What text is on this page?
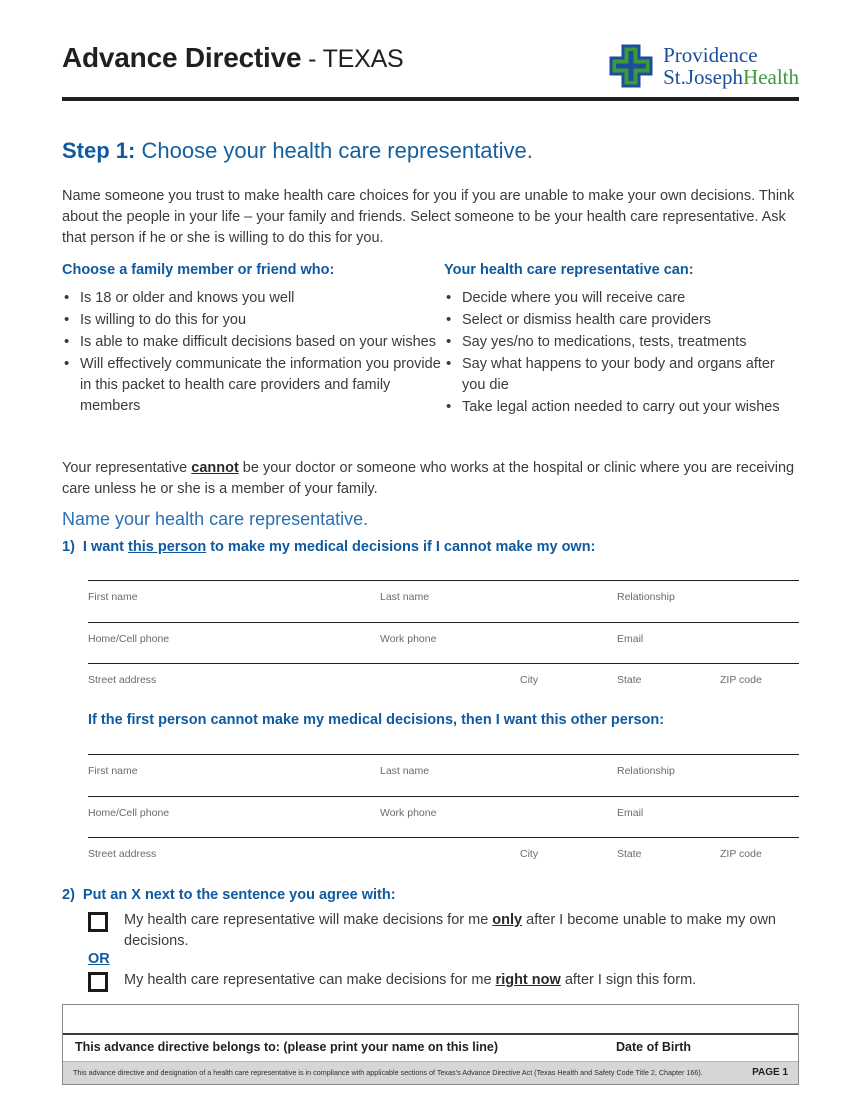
Advance Directive - TEXAS	Providence
St.JosephHealth
Step 1: Choose your health care representative.
Name someone you trust to make health care choices for you if you are unable to make your own decisions. Think about the people in your life – your family and friends. Select someone to be your health care representative. Ask that person if he or she is willing to do this for you.
Choose a family member or friend who:
• Is 18 or older and knows you well
• Is willing to do this for you
• Is able to make difficult decisions based on your wishes
• Will effectively communicate the information you provide in this packet to health care providers and family members
Your health care representative can:
• Decide where you will receive care
• Select or dismiss health care providers
• Say yes/no to medications, tests, treatments
• Say what happens to your body and organs after you die
• Take legal action needed to carry out your wishes
Your representative cannot be your doctor or someone who works at the hospital or clinic where you are receiving care unless he or she is a member of your family.
Name your health care representative.
1) I want this person to make my medical decisions if I cannot make my own:
First name	Last name	Relationship
Home/Cell phone	Work phone	Email
Street address	City	State	ZIP code
If the first person cannot make my medical decisions, then I want this other person:
First name	Last name	Relationship
Home/Cell phone	Work phone	Email
Street address	City	State	ZIP code
2) Put an X next to the sentence you agree with:
My health care representative will make decisions for me only after I become unable to make my own decisions.
OR
My health care representative can make decisions for me right now after I sign this form.
This advance directive belongs to: (please print your name on this line)	Date of Birth
This advance directive and designation of a health care representative is in compliance with applicable sections of Texas’s Advance Directive Act (Texas Health and Safety Code Title 2, Chapter 166).	PAGE 1
